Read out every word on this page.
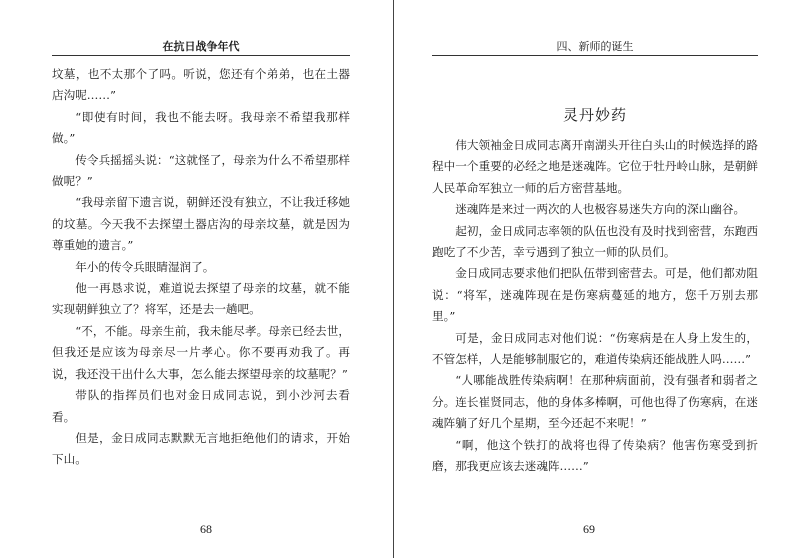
在抗日战争年代

坟墓，也不太那个了吗。听说，您还有个弟弟，也在土器店沟呢……”

“即使有时间，我也不能去呀。我母亲不希望我那样做。”

传令兵摇摇头说：“这就怪了，母亲为什么不希望那样做呢？”

“我母亲留下遗言说，朝鲜还没有独立，不让我迁移她的坟墓。今天我不去探望土器店沟的母亲坟墓，就是因为尊重她的遗言。”

年小的传令兵眼睛湿润了。

他一再恳求说，难道说去探望了母亲的坟墓，就不能实现朝鲜独立了？将军，还是去一趟吧。

“不，不能。母亲生前，我未能尽孝。母亲已经去世，但我还是应该为母亲尽一片孝心。你不要再劝我了。再说，我还没干出什么大事，怎么能去探望母亲的坟墓呢？”

带队的指挥员们也对金日成同志说，到小沙河去看看。

但是，金日成同志默默无言地拒绝他们的请求，开始下山。

68
四、新师的诞生
灵丹妙药

伟大领袖金日成同志离开南湖头开往白头山的时候选择的路程中一个重要的必经之地是迷魂阵。它位于牡丹岭山脉，是朝鲜人民革命军独立一师的后方密营基地。

迷魂阵是来过一两次的人也极容易迷失方向的深山幽谷。

起初，金日成同志率领的队伍也没有及时找到密营，东跑西跑吃了不少苦，幸亏遇到了独立一师的队员们。

金日成同志要求他们把队伍带到密营去。可是，他们都劝阻说：“将军，迷魂阵现在是伤寒病蔓延的地方，您千万别去那里。”

可是，金日成同志对他们说：“伤寒病是在人身上发生的，不管怎样，人是能够制服它的，难道传染病还能战胜人吗……”

“人哪能战胜传染病啊！在那种病面前，没有强者和弱者之分。连长崔贤同志，他的身体多棒啊，可他也得了伤寒病，在迷魂阵躺了好几个星期，至今还起不来呢！”

“啊，他这个铁打的战将也得了传染病？他害伤寒受到折磨，那我更应该去迷魂阵……”

69
